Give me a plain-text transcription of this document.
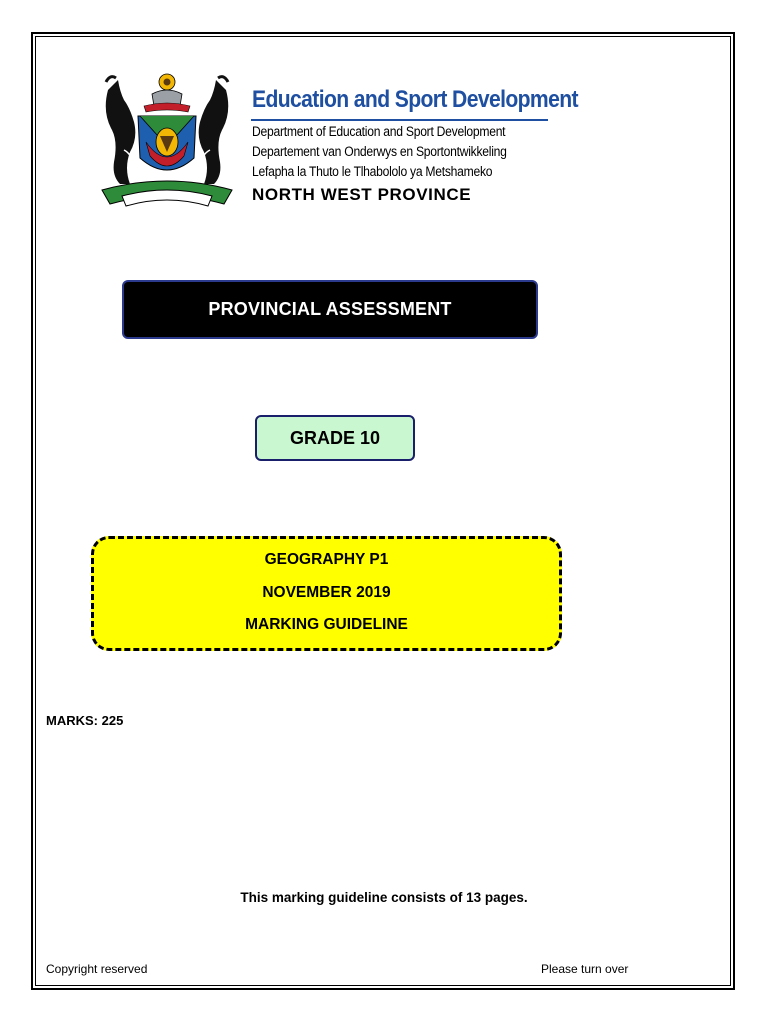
Education and Sport Development
Department of Education and Sport Development
Departement van Onderwys en Sportontwikkeling
Lefapha la Thuto le Tlhabololo ya Metshameko
NORTH WEST PROVINCE
PROVINCIAL ASSESSMENT
GRADE 10
GEOGRAPHY P1
NOVEMBER 2019
MARKING GUIDELINE
MARKS: 225
This marking guideline consists of 13 pages.
Copyright reserved	Please turn over
